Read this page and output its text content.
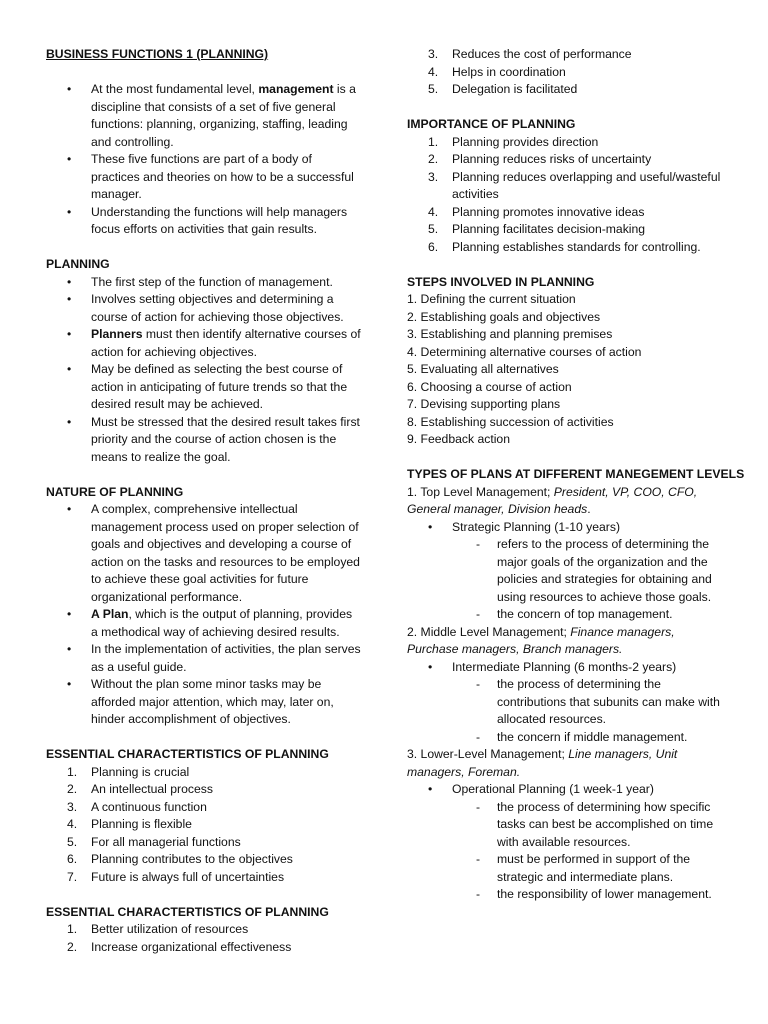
BUSINESS FUNCTIONS 1 (PLANNING)
• At the most fundamental level, management is a discipline that consists of a set of five general functions: planning, organizing, staffing, leading and controlling.
• These five functions are part of a body of practices and theories on how to be a successful manager.
• Understanding the functions will help managers focus efforts on activities that gain results.
PLANNING
• The first step of the function of management.
• Involves setting objectives and determining a course of action for achieving those objectives.
• Planners must then identify alternative courses of action for achieving objectives.
• May be defined as selecting the best course of action in anticipating of future trends so that the desired result may be achieved.
• Must be stressed that the desired result takes first priority and the course of action chosen is the means to realize the goal.
NATURE OF PLANNING
• A complex, comprehensive intellectual management process used on proper selection of goals and objectives and developing a course of action on the tasks and resources to be employed to achieve these goal activities for future organizational performance.
• A Plan, which is the output of planning, provides a methodical way of achieving desired results.
• In the implementation of activities, the plan serves as a useful guide.
• Without the plan some minor tasks may be afforded major attention, which may, later on, hinder accomplishment of objectives.
ESSENTIAL CHARACTERTISTICS OF PLANNING
1. Planning is crucial
2. An intellectual process
3. A continuous function
4. Planning is flexible
5. For all managerial functions
6. Planning contributes to the objectives
7. Future is always full of uncertainties
ESSENTIAL CHARACTERTISTICS OF PLANNING
1. Better utilization of resources
2. Increase organizational effectiveness
3. Reduces the cost of performance
4. Helps in coordination
5. Delegation is facilitated
IMPORTANCE OF PLANNING
1. Planning provides direction
2. Planning reduces risks of uncertainty
3. Planning reduces overlapping and useful/wasteful activities
4. Planning promotes innovative ideas
5. Planning facilitates decision-making
6. Planning establishes standards for controlling.
STEPS INVOLVED IN PLANNING
1. Defining the current situation
2. Establishing goals and objectives
3. Establishing and planning premises
4. Determining alternative courses of action
5. Evaluating all alternatives
6. Choosing a course of action
7. Devising supporting plans
8. Establishing succession of activities
9. Feedback action
TYPES OF PLANS AT DIFFERENT MANEGEMENT LEVELS
1. Top Level Management; President, VP, COO, CFO, General manager, Division heads.
• Strategic Planning (1-10 years)
- refers to the process of determining the major goals of the organization and the policies and strategies for obtaining and using resources to achieve those goals.
- the concern of top management.
2. Middle Level Management; Finance managers, Purchase managers, Branch managers.
• Intermediate Planning (6 months-2 years)
- the process of determining the contributions that subunits can make with allocated resources.
- the concern if middle management.
3. Lower-Level Management; Line managers, Unit managers, Foreman.
• Operational Planning (1 week-1 year)
- the process of determining how specific tasks can best be accomplished on time with available resources.
- must be performed in support of the strategic and intermediate plans.
- the responsibility of lower management.
